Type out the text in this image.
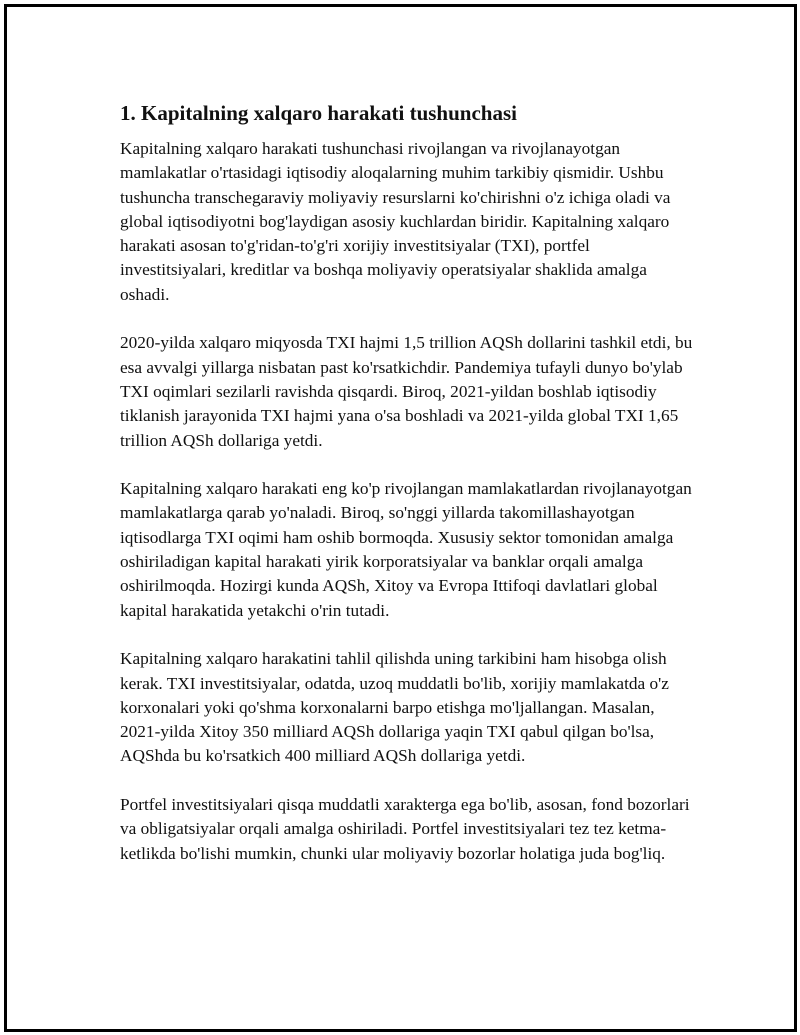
1. Kapitalning xalqaro harakati tushunchasi

Kapitalning xalqaro harakati tushunchasi rivojlangan va rivojlanayotgan mamlakatlar o'rtasidagi iqtisodiy aloqalarning muhim tarkibiy qismidir. Ushbu tushuncha transchegaraviy moliyaviy resurslarni ko'chirishni o'z ichiga oladi va global iqtisodiyotni bog'laydigan asosiy kuchlardan biridir. Kapitalning xalqaro harakati asosan to'g'ridan-to'g'ri xorijiy investitsiyalar (TXI), portfel investitsiyalari, kreditlar va boshqa moliyaviy operatsiyalar shaklida amalga oshadi.

2020-yilda xalqaro miqyosda TXI hajmi 1,5 trillion AQSh dollarini tashkil etdi, bu esa avvalgi yillarga nisbatan past ko'rsatkichdir. Pandemiya tufayli dunyo bo'ylab TXI oqimlari sezilarli ravishda qisqardi. Biroq, 2021-yildan boshlab iqtisodiy tiklanish jarayonida TXI hajmi yana o'sa boshladi va 2021-yilda global TXI 1,65 trillion AQSh dollariga yetdi.

Kapitalning xalqaro harakati eng ko'p rivojlangan mamlakatlardan rivojlanayotgan mamlakatlarga qarab yo'naladi. Biroq, so'nggi yillarda takomillashayotgan iqtisodlarga TXI oqimi ham oshib bormoqda. Xususiy sektor tomonidan amalga oshiriladigan kapital harakati yirik korporatsiyalar va banklar orqali amalga oshirilmoqda. Hozirgi kunda AQSh, Xitoy va Evropa Ittifoqi davlatlari global kapital harakatida yetakchi o'rin tutadi.

Kapitalning xalqaro harakatini tahlil qilishda uning tarkibini ham hisobga olish kerak. TXI investitsiyalar, odatda, uzoq muddatli bo'lib, xorijiy mamlakatda o'z korxonalari yoki qo'shma korxonalarni barpo etishga mo'ljallangan. Masalan, 2021-yilda Xitoy 350 milliard AQSh dollariga yaqin TXI qabul qilgan bo'lsa, AQShda bu ko'rsatkich 400 milliard AQSh dollariga yetdi.

Portfel investitsiyalari qisqa muddatli xarakterga ega bo'lib, asosan, fond bozorlari va obligatsiyalar orqali amalga oshiriladi. Portfel investitsiyalari tez tez ketma-ketlikda bo'lishi mumkin, chunki ular moliyaviy bozorlar holatiga juda bog'liq.
